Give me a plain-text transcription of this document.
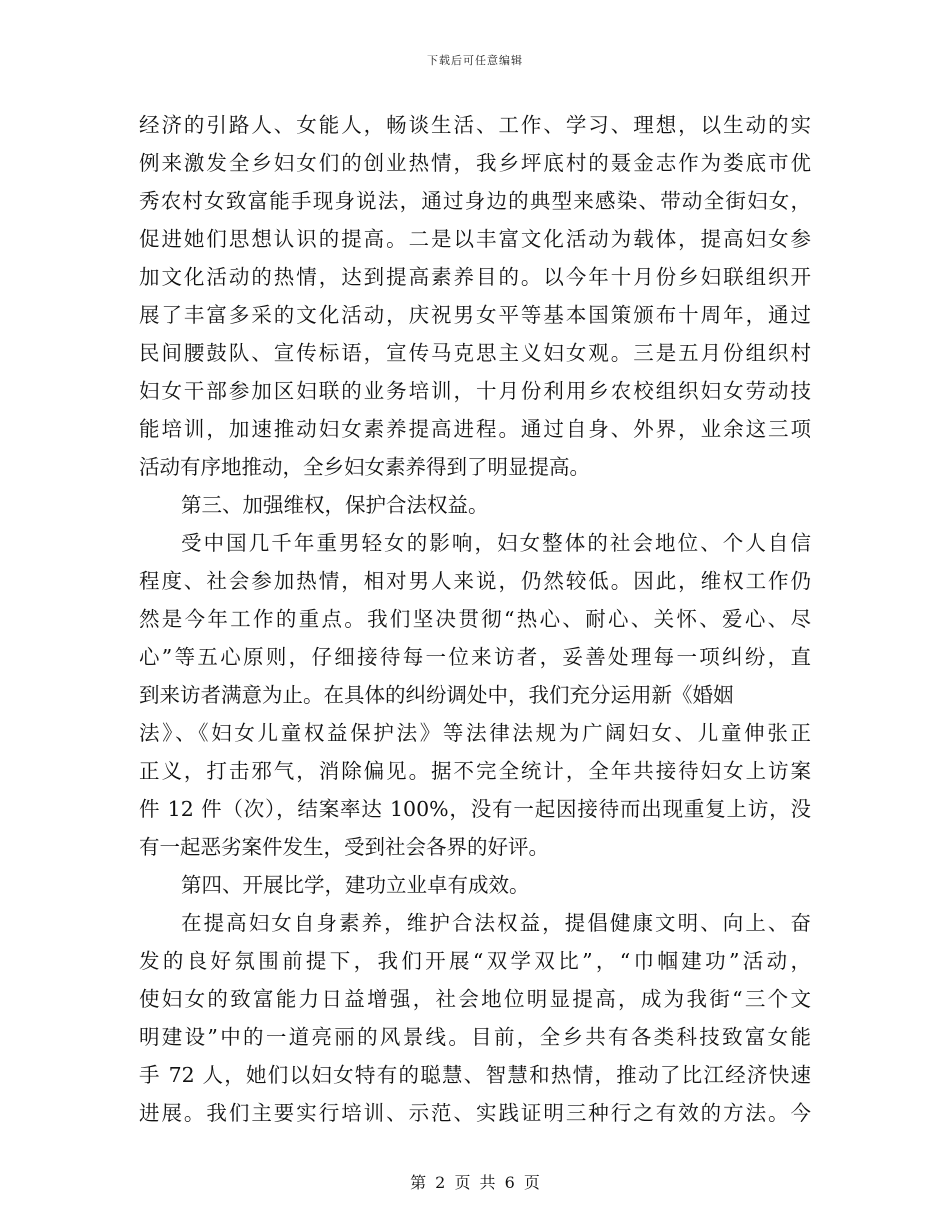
下载后可任意编辑
经济的引路人、女能人，畅谈生活、工作、学习、理想，以生动的实
例来激发全乡妇女们的创业热情，我乡坪底村的聂金志作为娄底市优
秀农村女致富能手现身说法，通过身边的典型来感染、带动全街妇女，
促进她们思想认识的提高。二是以丰富文化活动为载体，提高妇女参
加文化活动的热情，达到提高素养目的。以今年十月份乡妇联组织开
展了丰富多采的文化活动，庆祝男女平等基本国策颁布十周年，通过
民间腰鼓队、宣传标语，宣传马克思主义妇女观。三是五月份组织村
妇女干部参加区妇联的业务培训，十月份利用乡农校组织妇女劳动技
能培训，加速推动妇女素养提高进程。通过自身、外界，业余这三项
活动有序地推动，全乡妇女素养得到了明显提高。
第三、加强维权，保护合法权益。
受中国几千年重男轻女的影响，妇女整体的社会地位、个人自信
程度、社会参加热情，相对男人来说，仍然较低。因此，维权工作仍
然是今年工作的重点。我们坚决贯彻“热心、耐心、关怀、爱心、尽
心”等五心原则，仔细接待每一位来访者，妥善处理每一项纠纷，直
到来访者满意为止。在具体的纠纷调处中，我们充分运用新《婚姻
法》、《妇女儿童权益保护法》等法律法规为广阔妇女、儿童伸张正
正义，打击邪气，消除偏见。据不完全统计，全年共接待妇女上访案
件 12 件（次），结案率达 100%，没有一起因接待而出现重复上访，没
有一起恶劣案件发生，受到社会各界的好评。
第四、开展比学，建功立业卓有成效。
在提高妇女自身素养，维护合法权益，提倡健康文明、向上、奋
发的良好氛围前提下，我们开展“双学双比”，“巾帼建功”活动，
使妇女的致富能力日益增强，社会地位明显提高，成为我街“三个文
明建设”中的一道亮丽的风景线。目前，全乡共有各类科技致富女能
手 72 人，她们以妇女特有的聪慧、智慧和热情，推动了比江经济快速
进展。我们主要实行培训、示范、实践证明三种行之有效的方法。今
第 2 页 共 6 页
